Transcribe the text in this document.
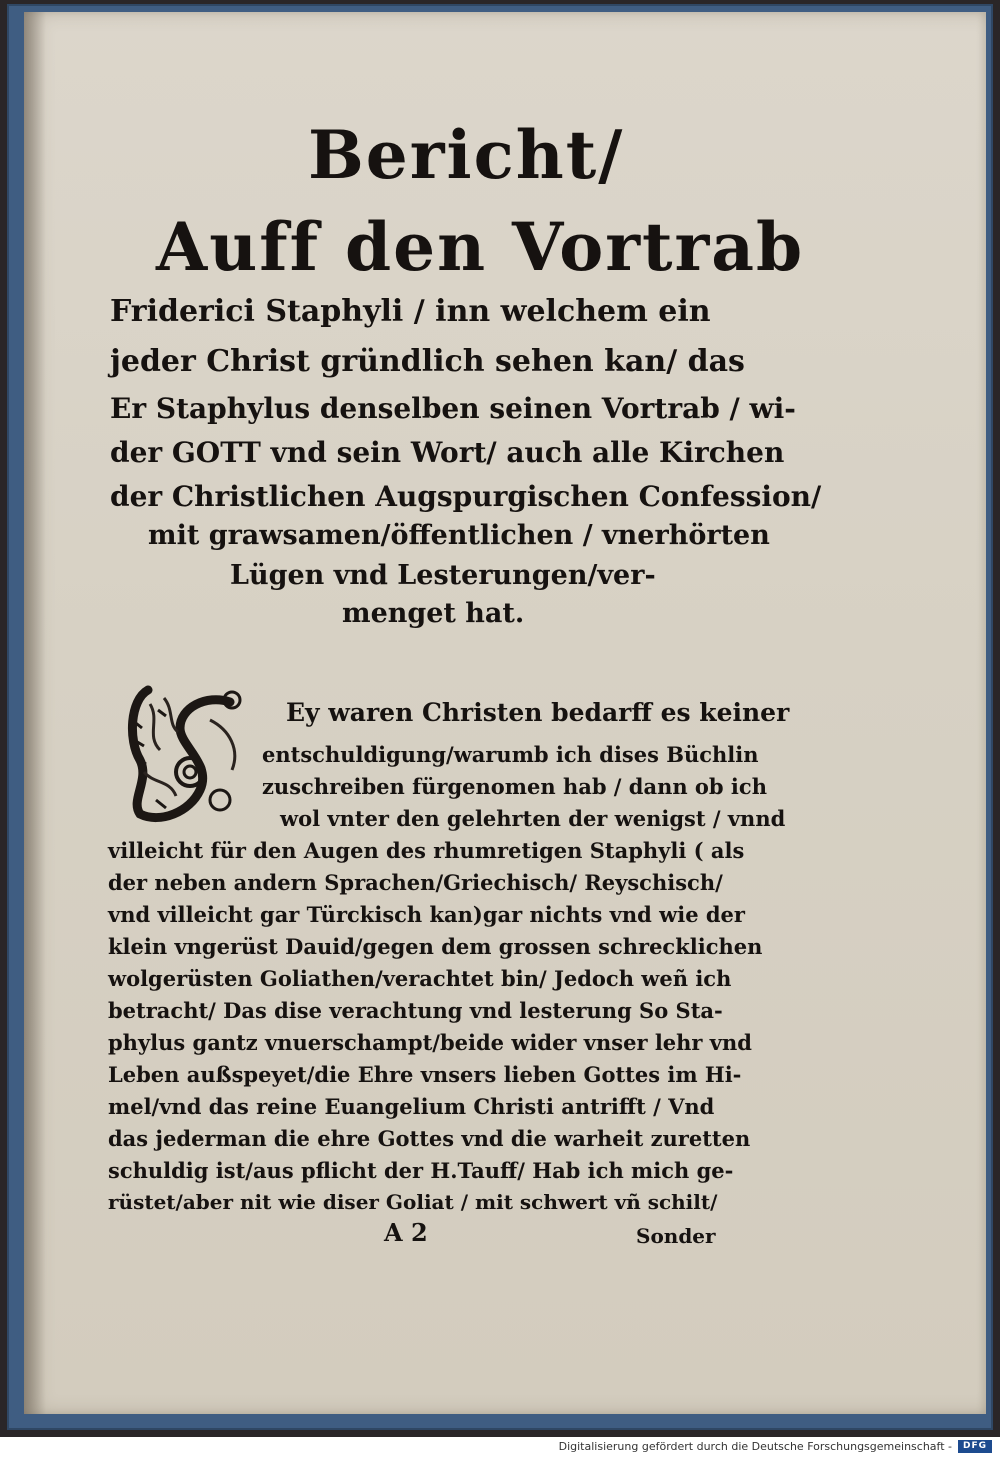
Bericht/
Auff den Vortrab
Friderici Staphyli / inn welchem ein
jeder Christ gründlich sehen kan/ das
Er Staphylus denselben seinen Vortrab / wi-
der GOTT vnd sein Wort/ auch alle Kirchen
der Christlichen Augspurgischen Confession/
mit grawsamen/öffentlichen / vnerhörten
Lügen vnd Lesterungen/ver-
menget hat.
Ey waren Christen bedarff es keiner
entschuldigung/warumb ich dises Büchlin
zuschreiben fürgenomen hab / dann ob ich
wol vnter den gelehrten der wenigst / vnnd
villeicht für den Augen des rhumretigen Staphyli ( als
der neben andern Sprachen/Griechisch/ Reyschisch/
vnd villeicht gar Türckisch kan)gar nichts vnd wie der
klein vngerüst Dauid/gegen dem grossen schrecklichen
wolgerüsten Goliathen/verachtet bin/ Jedoch weñ ich
betracht/ Das dise verachtung vnd lesterung So Sta-
phylus gantz vnuerschampt/beide wider vnser lehr vnd
Leben außspeyet/die Ehre vnsers lieben Gottes im Hi-
mel/vnd das reine Euangelium Christi antrifft / Vnd
das jederman die ehre Gottes vnd die warheit zuretten
schuldig ist/aus pflicht der H.Tauff/ Hab ich mich ge-
rüstet/aber nit wie diser Goliat / mit schwert vñ schilt/
A 2	Sonder
Digitalisierung gefördert durch die Deutsche Forschungsgemeinschaft -	DFG
